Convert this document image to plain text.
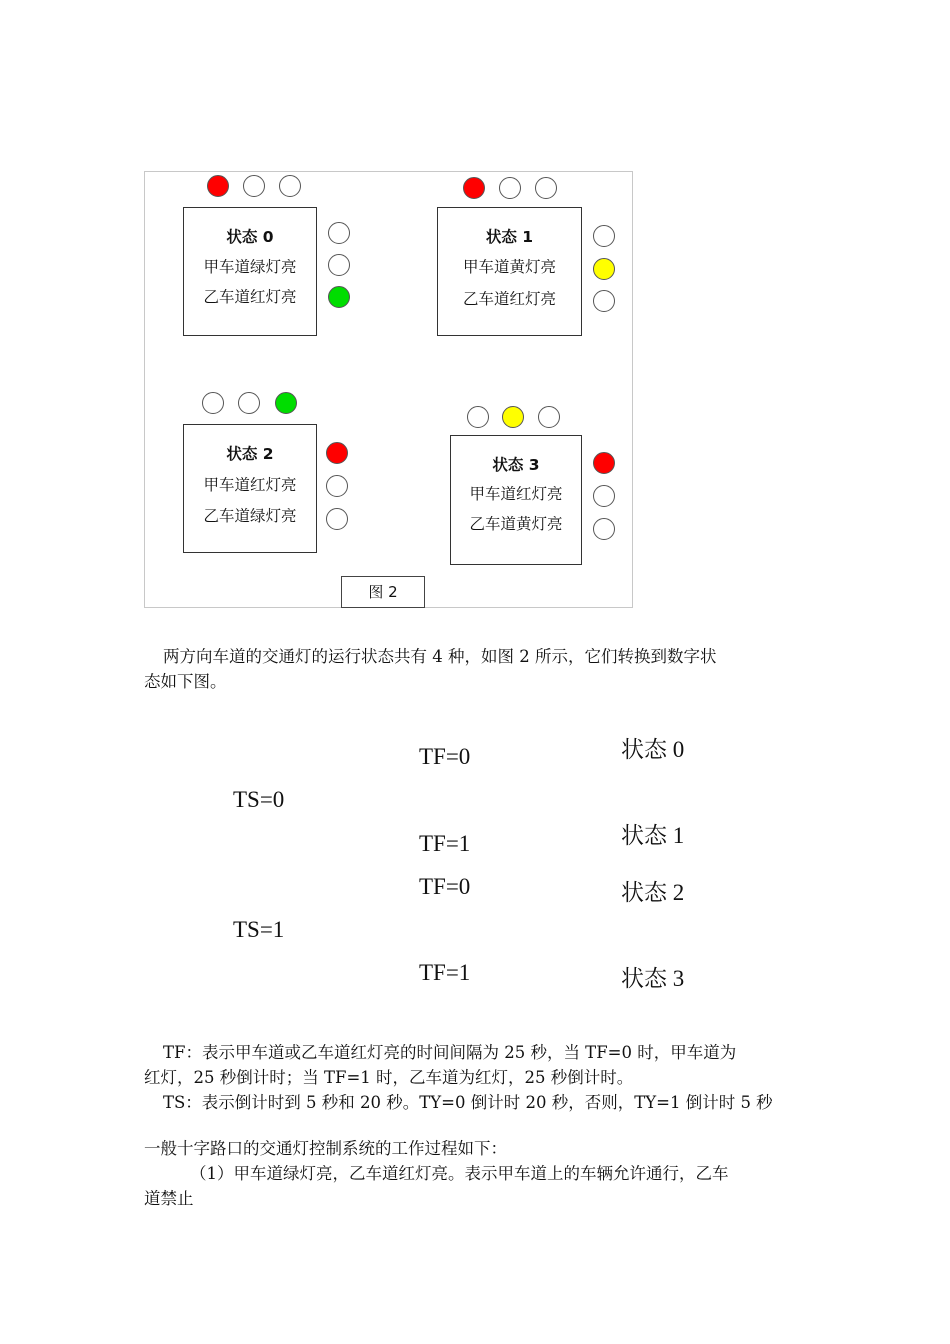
状态 0
甲车道绿灯亮
乙车道红灯亮
状态 1
甲车道黄灯亮
乙车道红灯亮
状态 2
甲车道红灯亮
乙车道绿灯亮
状态 3
甲车道红灯亮
乙车道黄灯亮
图 2
两方向车道的交通灯的运行状态共有 4 种，如图 2 所示，它们转换到数字状
态如下图。
TF=0	状态 0
TS=0
TF=1	状态 1
TF=0	状态 2
TS=1
TF=1	状态 3
TF：表示甲车道或乙车道红灯亮的时间间隔为 25 秒，当 TF=0 时，甲车道为
红灯，25 秒倒计时；当 TF=1 时，乙车道为红灯，25 秒倒计时。
TS：表示倒计时到 5 秒和 20 秒。TY=0 倒计时 20 秒，否则，TY=1 倒计时 5 秒
一般十字路口的交通灯控制系统的工作过程如下：
（1）甲车道绿灯亮，乙车道红灯亮。表示甲车道上的车辆允许通行，乙车
道禁止
